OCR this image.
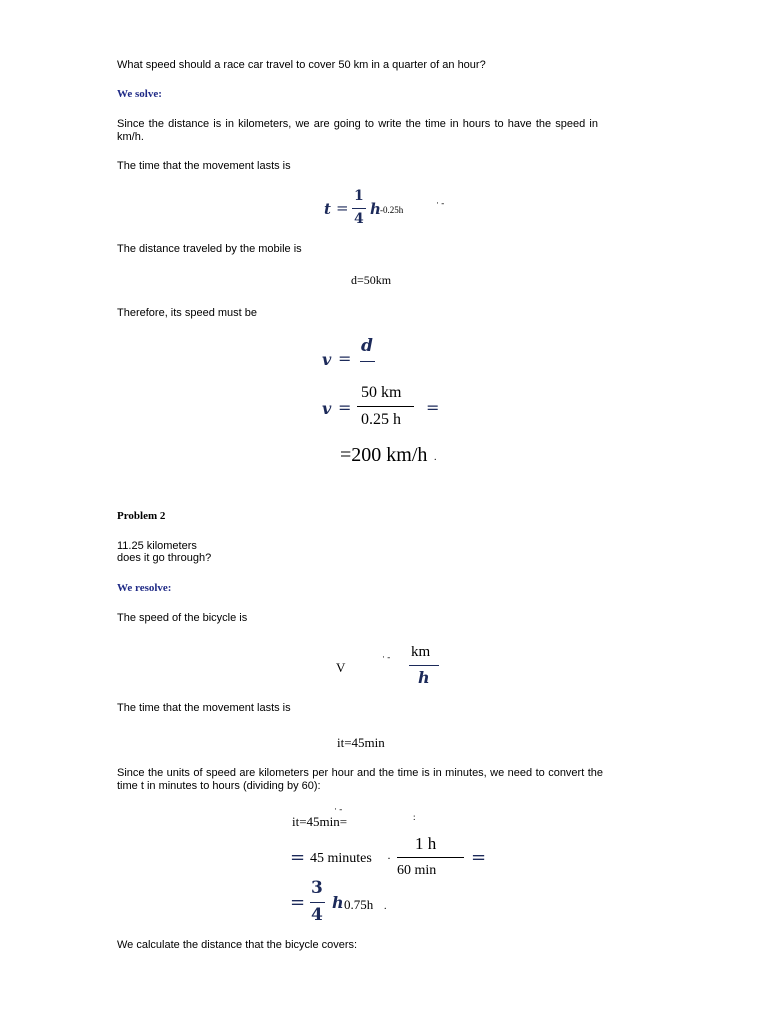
What speed should a race car travel to cover 50 km in a quarter of an hour?
We solve:
Since the distance is in kilometers, we are going to write the time in hours to have the speed in km/h.
The time that the movement lasts is
t =
1
4
h -0.25h
· -
The distance traveled by the mobile is
d=50km
Therefore, its speed must be
v =
d
v =
50 km
0.25 h
=
=200 km/h .
Problem 2
11.25 kilometers
does it go through?
We resolve:
The speed of the bicycle is
V
· - km
h
The time that the movement lasts is
it=45min
Since the units of speed are kilometers per hour and the time is in minutes, we need to convert the time t in minutes to hours (dividing by 60):
it=45min=
· -
:
= 45 minutes ·
1 h
60 min
=
=
3
4
h 0.75h .
We calculate the distance that the bicycle covers:
